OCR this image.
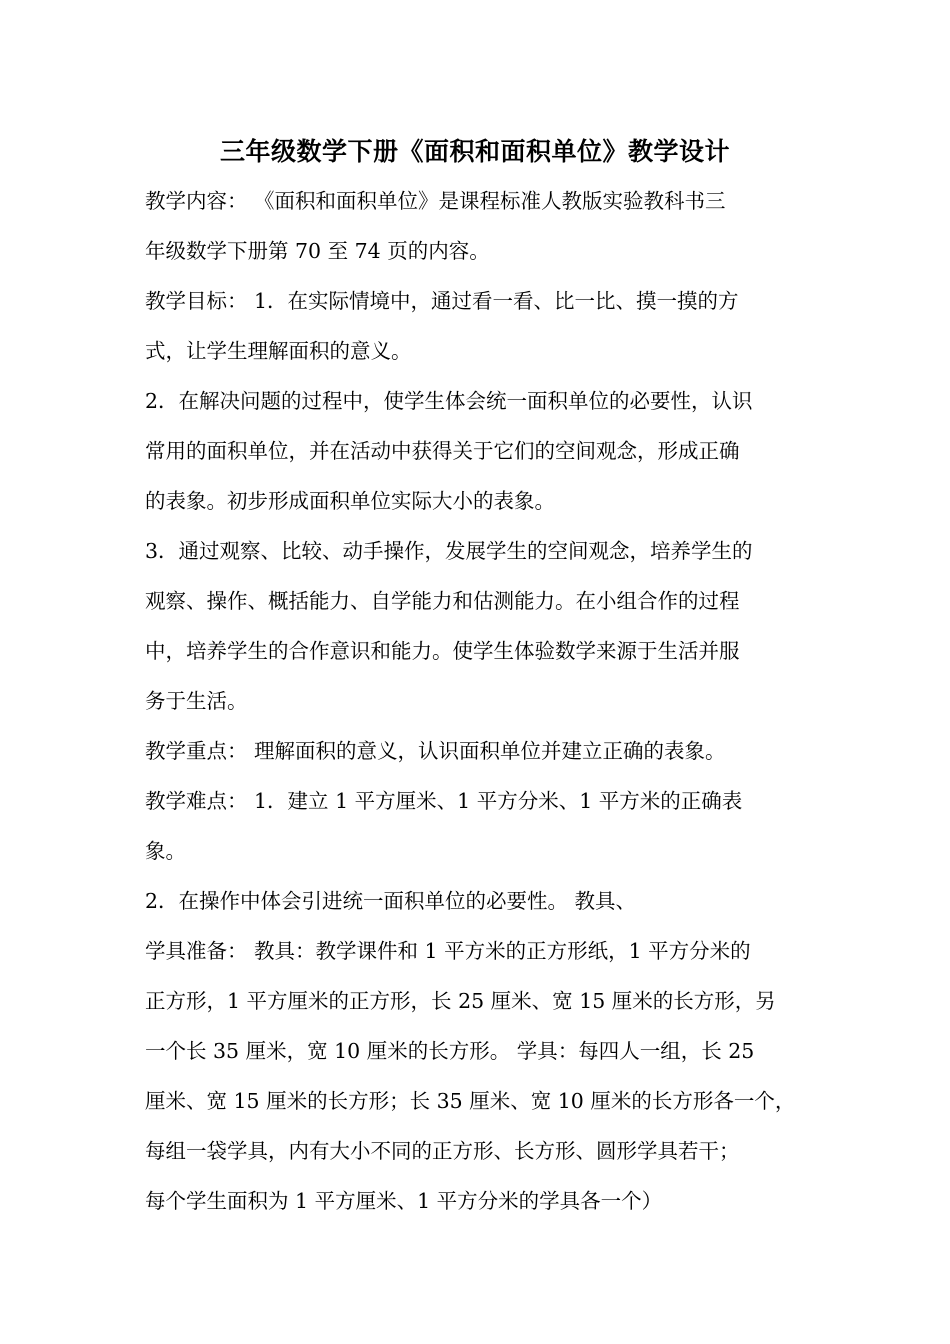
三年级数学下册《面积和面积单位》教学设计
教学内容： 《面积和面积单位》是课程标准人教版实验教科书三
年级数学下册第 70 至 74 页的内容。
教学目标： 1．在实际情境中，通过看一看、比一比、摸一摸的方
式，让学生理解面积的意义。
2．在解决问题的过程中，使学生体会统一面积单位的必要性，认识
常用的面积单位，并在活动中获得关于它们的空间观念，形成正确
的表象。初步形成面积单位实际大小的表象。
3．通过观察、比较、动手操作，发展学生的空间观念，培养学生的
观察、操作、概括能力、自学能力和估测能力。在小组合作的过程
中，培养学生的合作意识和能力。使学生体验数学来源于生活并服
务于生活。
教学重点： 理解面积的意义，认识面积单位并建立正确的表象。
教学难点： 1．建立 1 平方厘米、1 平方分米、1 平方米的正确表
象。
2．在操作中体会引进统一面积单位的必要性。 教具、
学具准备： 教具：教学课件和 1 平方米的正方形纸，1 平方分米的
正方形，1 平方厘米的正方形，长 25 厘米、宽 15 厘米的长方形，另
一个长 35 厘米，宽 10 厘米的长方形。 学具：每四人一组，长 25
厘米、宽 15 厘米的长方形；长 35 厘米、宽 10 厘米的长方形各一个，
每组一袋学具，内有大小不同的正方形、长方形、圆形学具若干；
每个学生面积为 1 平方厘米、1 平方分米的学具各一个）
